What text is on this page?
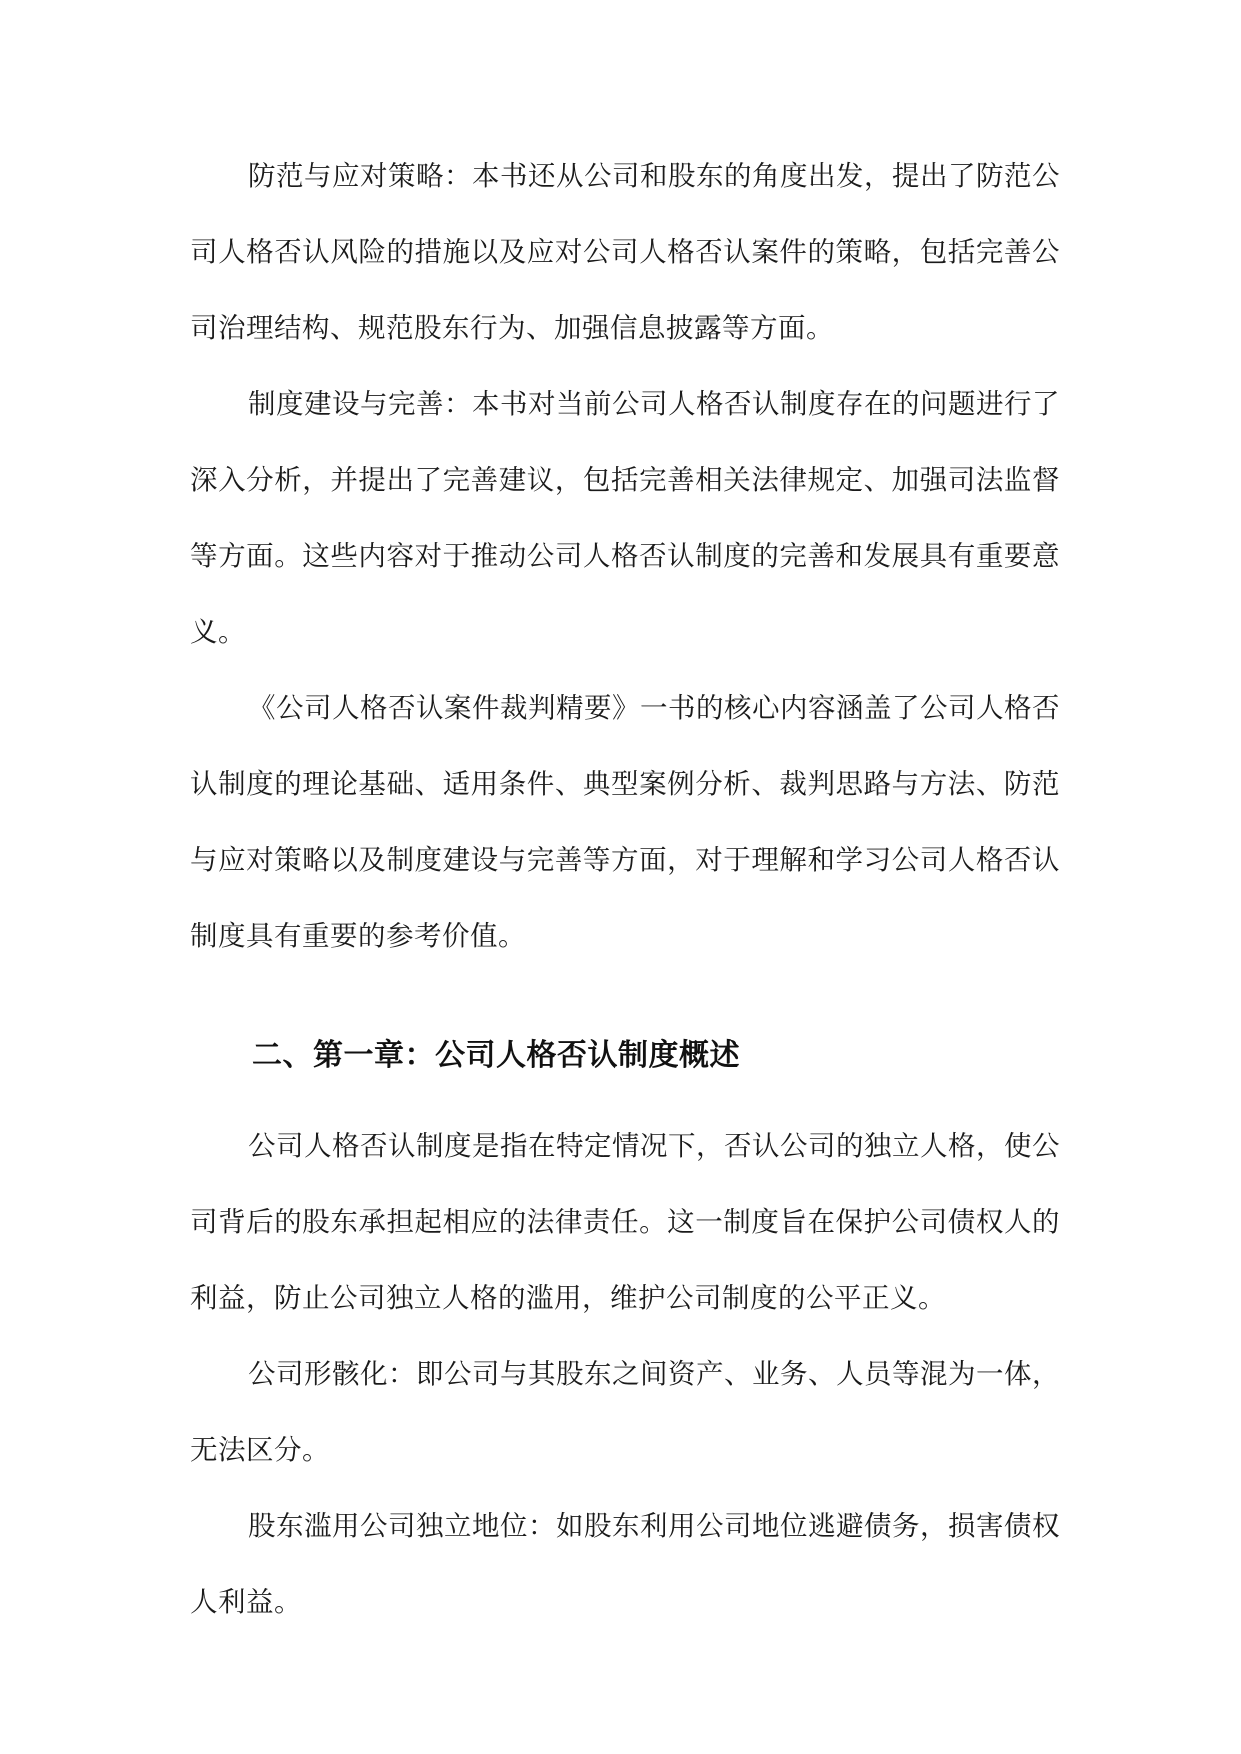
防范与应对策略：本书还从公司和股东的角度出发，提出了防范公司人格否认风险的措施以及应对公司人格否认案件的策略，包括完善公司治理结构、规范股东行为、加强信息披露等方面。

制度建设与完善：本书对当前公司人格否认制度存在的问题进行了深入分析，并提出了完善建议，包括完善相关法律规定、加强司法监督等方面。这些内容对于推动公司人格否认制度的完善和发展具有重要意义。

《公司人格否认案件裁判精要》一书的核心内容涵盖了公司人格否认制度的理论基础、适用条件、典型案例分析、裁判思路与方法、防范与应对策略以及制度建设与完善等方面，对于理解和学习公司人格否认制度具有重要的参考价值。

二、第一章：公司人格否认制度概述

公司人格否认制度是指在特定情况下，否认公司的独立人格，使公司背后的股东承担起相应的法律责任。这一制度旨在保护公司债权人的利益，防止公司独立人格的滥用，维护公司制度的公平正义。

公司形骸化：即公司与其股东之间资产、业务、人员等混为一体，无法区分。

股东滥用公司独立地位：如股东利用公司地位逃避债务，损害债权人利益。
